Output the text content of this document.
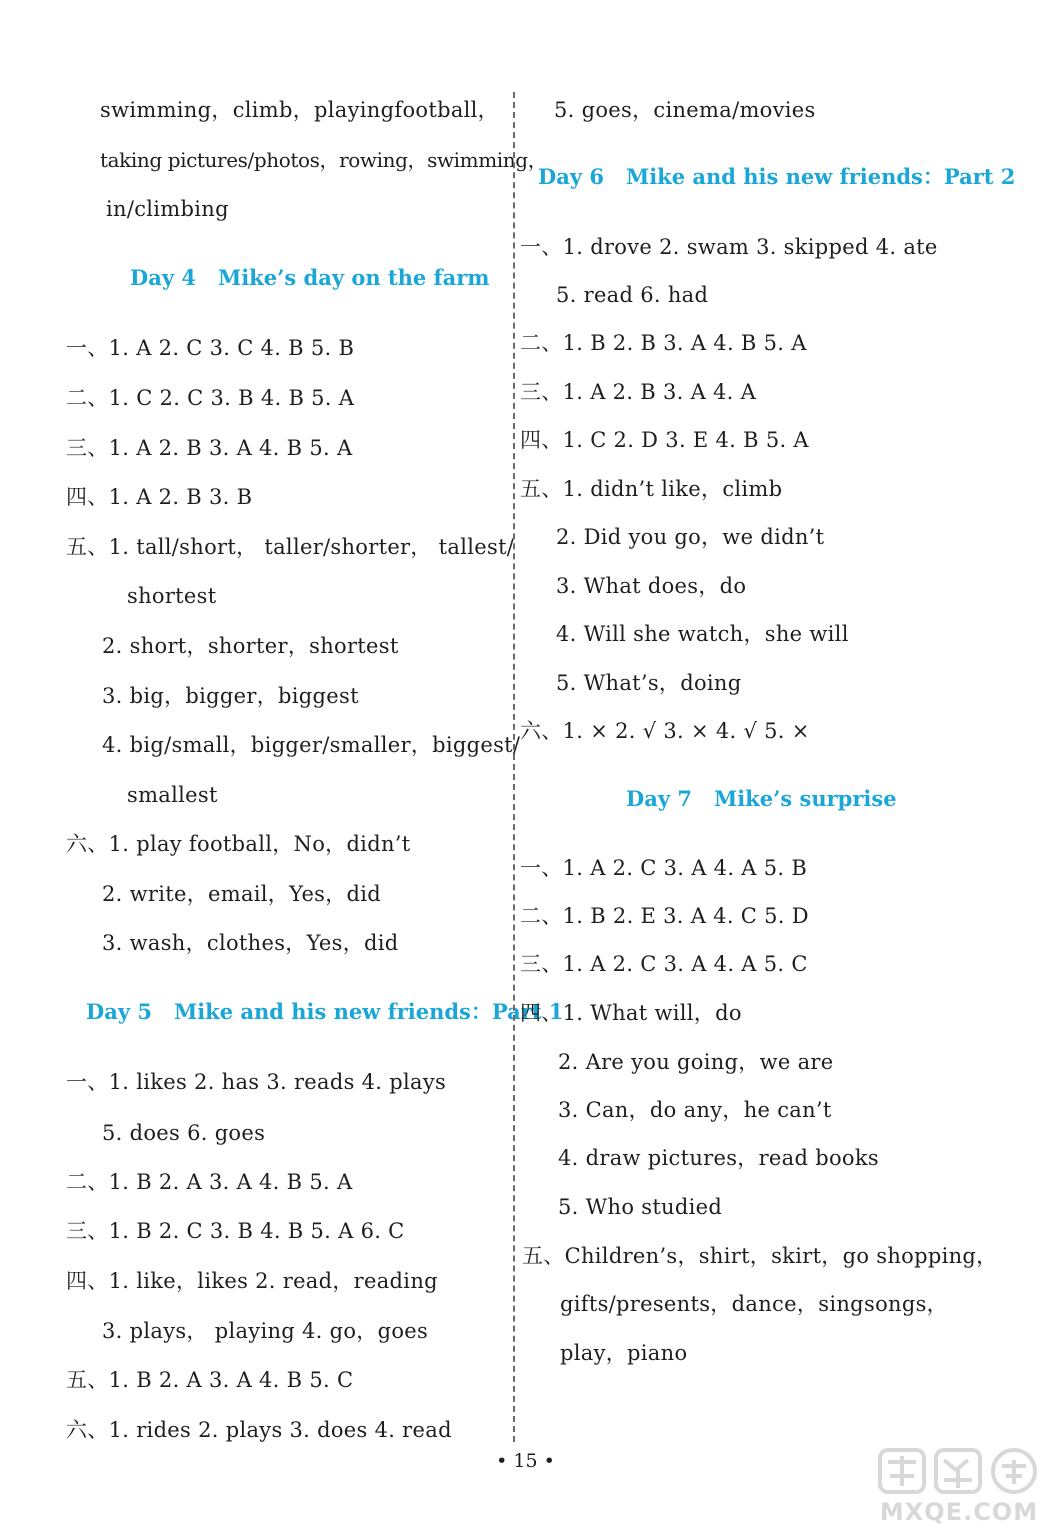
swimming， climb， playing football，
taking pictures/photos，rowing，swimming，
in/climbing
Day 4 Mike’s day on the farm
一、1. A 2. C 3. C 4. B 5. B
二、1. C 2. C 3. B 4. B 5. A
三、1. A 2. B 3. A 4. B 5. A
四、1. A 2. B 3. B
五、1. tall/short， taller/shorter， tallest/
shortest
2. short，shorter，shortest
3. big，bigger，biggest
4. big/small，bigger/smaller，biggest/
smallest
六、1. play football，No，didn’t
2. write，email，Yes，did
3. wash，clothes，Yes，did
Day 5 Mike and his new friends：Part 1
一、1. likes 2. has 3. reads 4. plays
5. does 6. goes
二、1. B 2. A 3. A 4. B 5. A
三、1. B 2. C 3. B 4. B 5. A 6. C
四、1. like，likes 2. read，reading
3. plays， playing 4. go，goes
五、1. B 2. A 3. A 4. B 5. C
六、1. rides 2. plays 3. does 4. read
5. goes，cinema/movies
Day 6 Mike and his new friends：Part 2
一、1. drove 2. swam 3. skipped 4. ate
5. read 6. had
二、1. B 2. B 3. A 4. B 5. A
三、1. A 2. B 3. A 4. A
四、1. C 2. D 3. E 4. B 5. A
五、1. didn’t like，climb
2. Did you go，we didn’t
3. What does，do
4. Will she watch，she will
5. What’s，doing
六、1. × 2. √ 3. × 4. √ 5. ×
Day 7 Mike’s surprise
一、1. A 2. C 3. A 4. A 5. B
二、1. B 2. E 3. A 4. C 5. D
三、1. A 2. C 3. A 4. A 5. C
四、1. What will，do
2. Are you going，we are
3. Can，do any，he can’t
4. draw pictures，read books
5. Who studied
五、Children’s，shirt，skirt，go shopping，
gifts/presents， dance， sing songs，
play，piano
• 15 •
MXQE.COM
